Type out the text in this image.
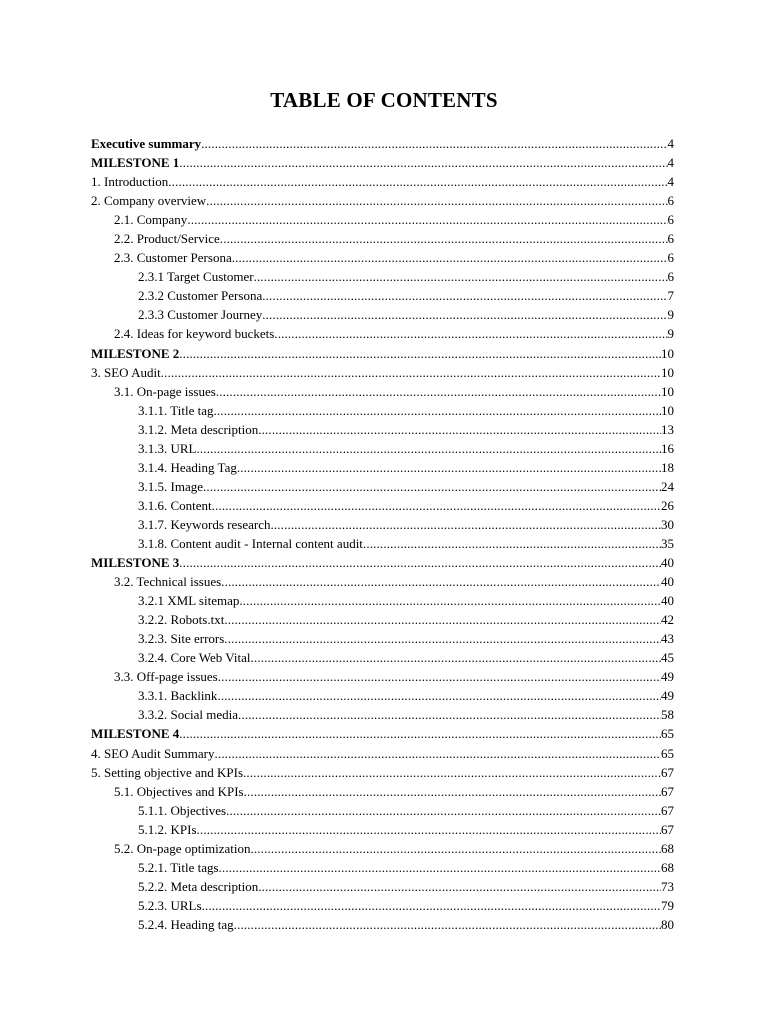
TABLE OF CONTENTS
Executive summary .....	4
MILESTONE 1 .....	4
1. Introduction .....	4
2. Company overview .....	6
2.1. Company .....	6
2.2. Product/Service .....	6
2.3. Customer Persona .....	6
2.3.1 Target Customer .....	6
2.3.2 Customer Persona .....	7
2.3.3 Customer Journey .....	9
2.4. Ideas for keyword buckets .....	9
MILESTONE 2 .....	10
3. SEO Audit .....	10
3.1. On-page issues .....	10
3.1.1. Title tag .....	10
3.1.2. Meta description .....	13
3.1.3. URL .....	16
3.1.4. Heading Tag .....	18
3.1.5. Image .....	24
3.1.6. Content .....	26
3.1.7. Keywords research .....	30
3.1.8. Content audit - Internal content audit .....	35
MILESTONE 3 .....	40
3.2. Technical issues .....	40
3.2.1 XML sitemap .....	40
3.2.2. Robots.txt .....	42
3.2.3. Site errors .....	43
3.2.4. Core Web Vital .....	45
3.3. Off-page issues .....	49
3.3.1. Backlink .....	49
3.3.2. Social media .....	58
MILESTONE 4 .....	65
4. SEO Audit Summary .....	65
5. Setting objective and KPIs .....	67
5.1. Objectives and KPIs .....	67
5.1.1. Objectives .....	67
5.1.2. KPIs .....	67
5.2. On-page optimization .....	68
5.2.1. Title tags .....	68
5.2.2. Meta description .....	73
5.2.3. URLs .....	79
5.2.4. Heading tag .....	80
